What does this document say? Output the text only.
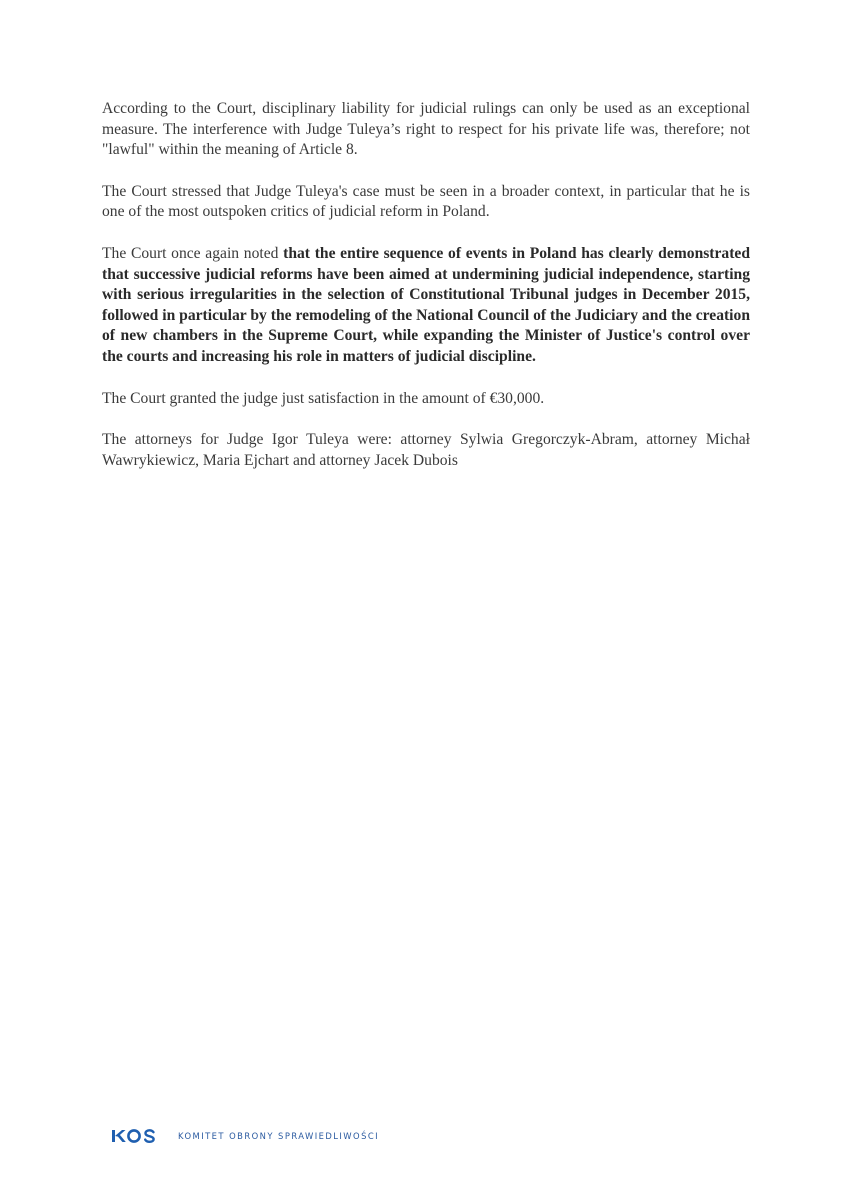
According to the Court, disciplinary liability for judicial rulings can only be used as an exceptional measure. The interference with Judge Tuleya’s right to respect for his private life was, therefore; not "lawful" within the meaning of Article 8.

The Court stressed that Judge Tuleya's case must be seen in a broader context, in particular that he is one of the most outspoken critics of judicial reform in Poland.

The Court once again noted that the entire sequence of events in Poland has clearly demonstrated that successive judicial reforms have been aimed at undermining judicial independence, starting with serious irregularities in the selection of Constitutional Tribunal judges in December 2015, followed in particular by the remodeling of the National Council of the Judiciary and the creation of new chambers in the Supreme Court, while expanding the Minister of Justice's control over the courts and increasing his role in matters of judicial discipline.

The Court granted the judge just satisfaction in the amount of €30,000.

The attorneys for Judge Igor Tuleya were: attorney Sylwia Gregorczyk-Abram, attorney Michał Wawrykiewicz, Maria Ejchart and attorney Jacek Dubois

KOMITET OBRONY SPRAWIEDLIWOŚCI
